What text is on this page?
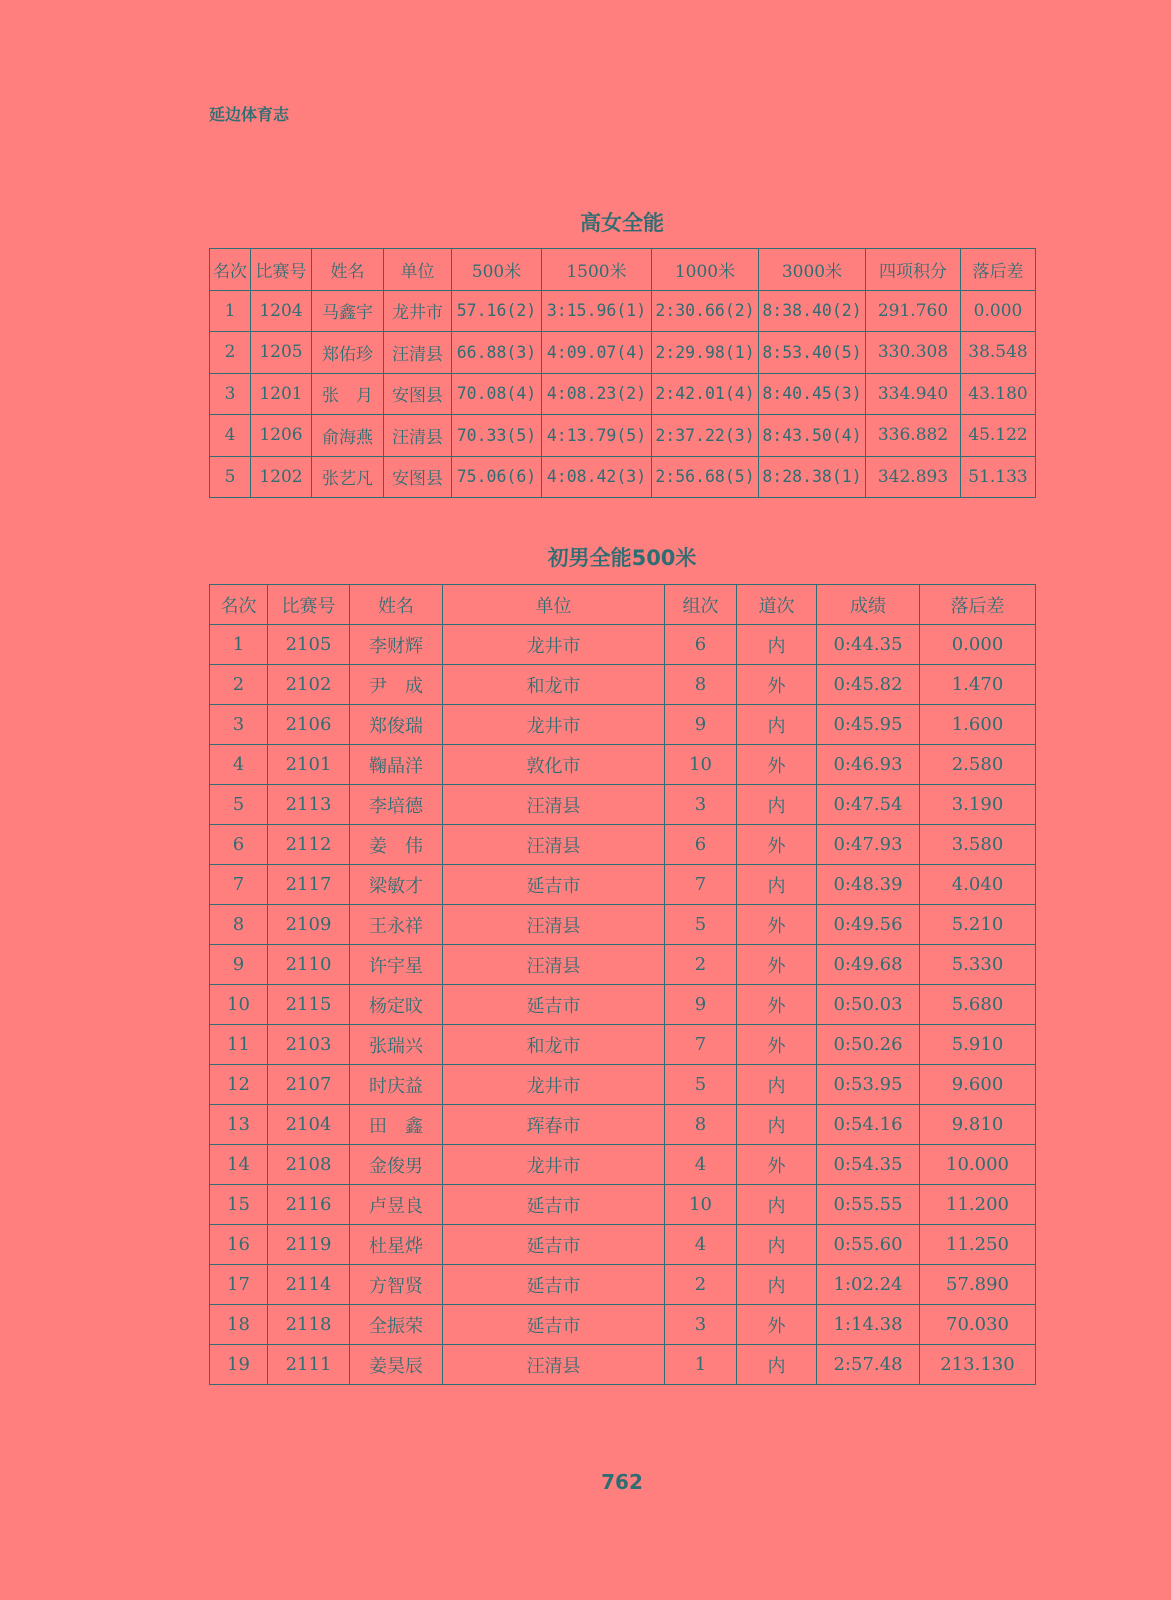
延边体育志
高女全能
名次	比赛号	姓名	单位	500米	1500米	1000米	3000米	四项积分	落后差
1	1204	马鑫宇	龙井市	57.16(2)	3:15.96(1)	2:30.66(2)	8:38.40(2)	291.760	0.000
2	1205	郑佑珍	汪清县	66.88(3)	4:09.07(4)	2:29.98(1)	8:53.40(5)	330.308	38.548
3	1201	张　月	安图县	70.08(4)	4:08.23(2)	2:42.01(4)	8:40.45(3)	334.940	43.180
4	1206	俞海燕	汪清县	70.33(5)	4:13.79(5)	2:37.22(3)	8:43.50(4)	336.882	45.122
5	1202	张艺凡	安图县	75.06(6)	4:08.42(3)	2:56.68(5)	8:28.38(1)	342.893	51.133
初男全能500米
名次	比赛号	姓名	单位	组次	道次	成绩	落后差
1	2105	李财辉	龙井市	6	内	0:44.35	0.000
2	2102	尹　成	和龙市	8	外	0:45.82	1.470
3	2106	郑俊瑞	龙井市	9	内	0:45.95	1.600
4	2101	鞠晶洋	敦化市	10	外	0:46.93	2.580
5	2113	李培德	汪清县	3	内	0:47.54	3.190
6	2112	姜　伟	汪清县	6	外	0:47.93	3.580
7	2117	梁敏才	延吉市	7	内	0:48.39	4.040
8	2109	王永祥	汪清县	5	外	0:49.56	5.210
9	2110	许宇星	汪清县	2	外	0:49.68	5.330
10	2115	杨定旼	延吉市	9	外	0:50.03	5.680
11	2103	张瑞兴	和龙市	7	外	0:50.26	5.910
12	2107	时庆益	龙井市	5	内	0:53.95	9.600
13	2104	田　鑫	珲春市	8	内	0:54.16	9.810
14	2108	金俊男	龙井市	4	外	0:54.35	10.000
15	2116	卢昱良	延吉市	10	内	0:55.55	11.200
16	2119	杜星烨	延吉市	4	内	0:55.60	11.250
17	2114	方智贤	延吉市	2	内	1:02.24	57.890
18	2118	全振荣	延吉市	3	外	1:14.38	70.030
19	2111	姜昊辰	汪清县	1	内	2:57.48	213.130
762
